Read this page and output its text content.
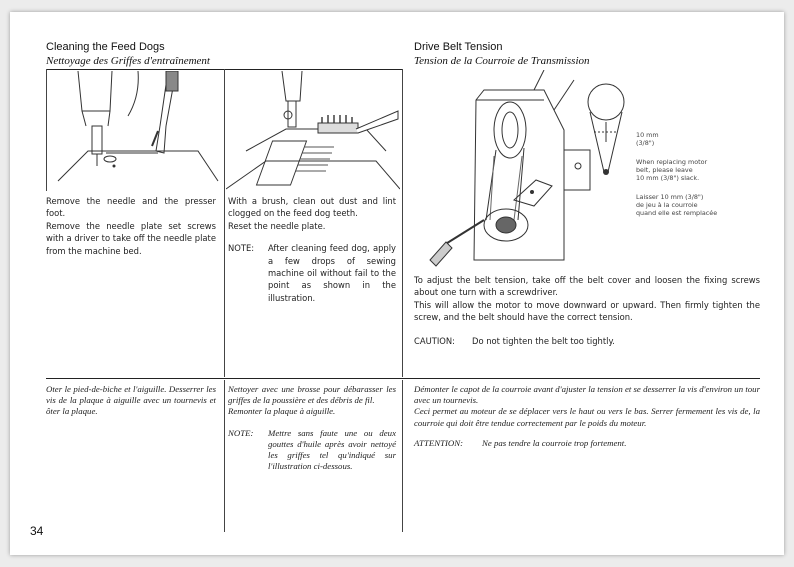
Cleaning the Feed Dogs
Nettoyage des Griffes d'entraînement
Drive Belt Tension
Tension de la Courroie de Transmission

Remove the needle and the presser foot.

Remove the needle plate set screws with a driver to take off the needle plate from the machine bed.

With a brush, clean out dust and lint clogged on the feed dog teeth.
Reset the needle plate.

NOTE: After cleaning feed dog, apply a few drops of sewing machine oil without fail to the point as shown in the illustration.

10 mm
(3/8")

When replacing motor
belt, please leave
10 mm (3/8") slack.

Laisser 10 mm (3/8")
de jeu à la courroie
quand elle est remplacée

To adjust the belt tension, take off the belt cover and loosen the fixing screws about one turn with a screwdriver.
This will allow the motor to move downward or upward. Then firmly tighten the screw, and the belt should have the correct tension.

CAUTION: Do not tighten the belt too tightly.
Oter le pied-de-biche et l'aiguille. Desserrer les vis de la plaque à aiguille avec un tournevis et ôter la plaque.

Nettoyer avec une brosse pour débarasser les griffes de la poussière et des débris de fil.
Remonter la plaque à aiguille.

NOTE: Mettre sans faute une ou deux gouttes d'huile après avoir nettoyé les griffes tel qu'indiqué sur l'illustration ci-dessous.

Démonter le capot de la courroie avant d'ajuster la tension et se desserrer la vis d'environ un tour avec un tournevis.
Ceci permet au moteur de se déplacer vers le haut ou vers le bas. Serrer fermement les vis de, la courroie qui doit être tendue correctement par le poids du moteur.

ATTENTION: Ne pas tendre la courroie trop fortement.
34
